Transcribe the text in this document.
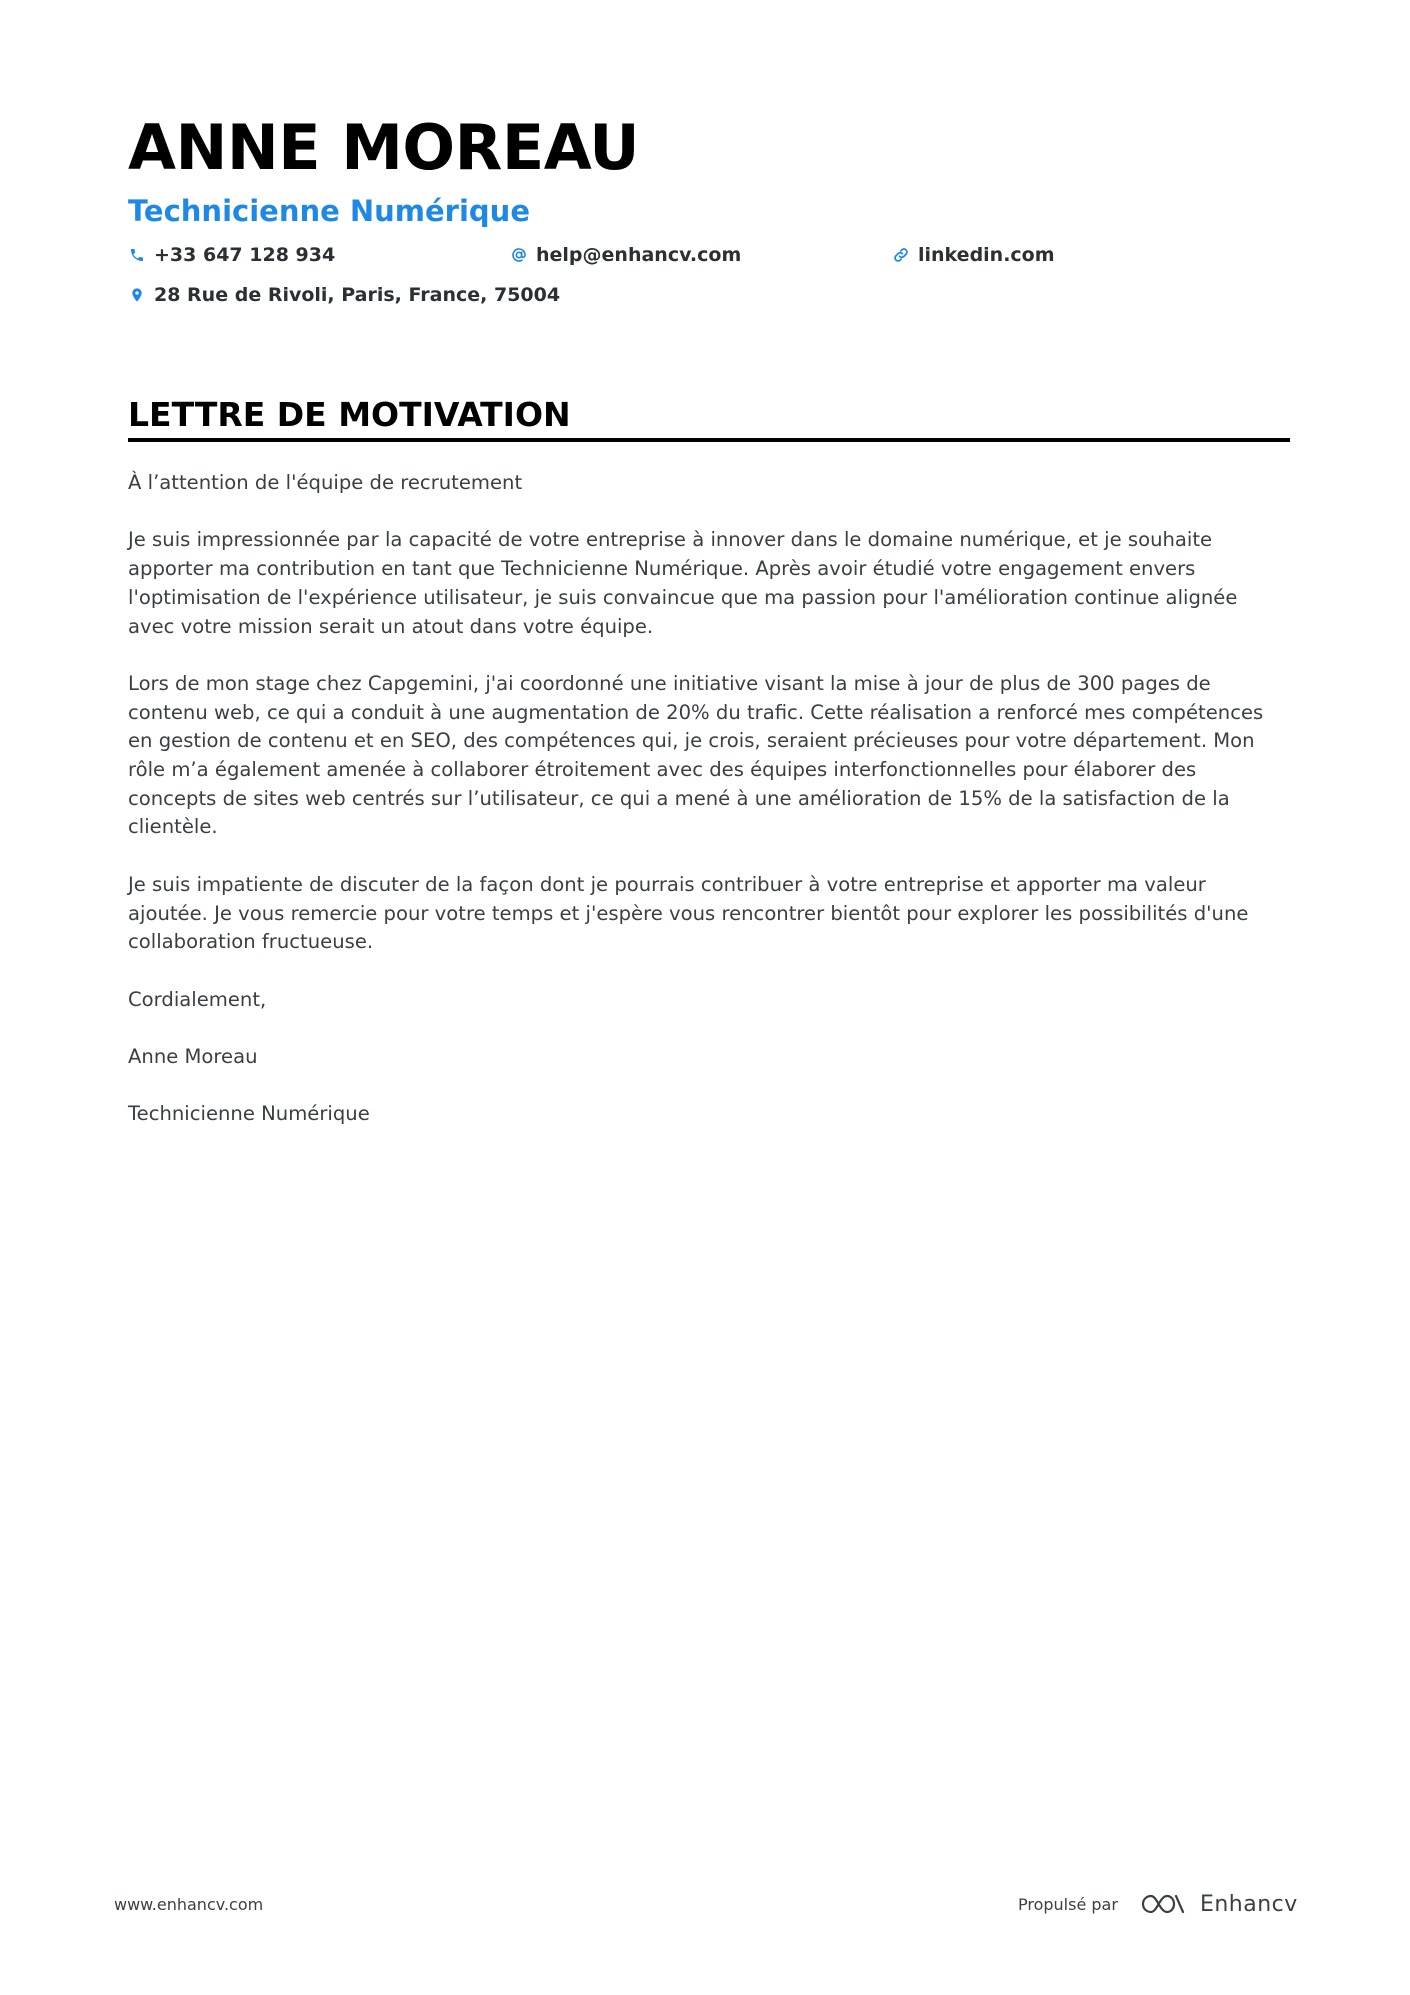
ANNE MOREAU
Technicienne Numérique
+33 647 128 934	help@enhancv.com	linkedin.com
28 Rue de Rivoli, Paris, France, 75004
LETTRE DE MOTIVATION

À l’attention de l'équipe de recrutement

Je suis impressionnée par la capacité de votre entreprise à innover dans le domaine numérique, et je souhaite apporter ma contribution en tant que Technicienne Numérique. Après avoir étudié votre engagement envers l'optimisation de l'expérience utilisateur, je suis convaincue que ma passion pour l'amélioration continue alignée avec votre mission serait un atout dans votre équipe.

Lors de mon stage chez Capgemini, j'ai coordonné une initiative visant la mise à jour de plus de 300 pages de contenu web, ce qui a conduit à une augmentation de 20% du trafic. Cette réalisation a renforcé mes compétences en gestion de contenu et en SEO, des compétences qui, je crois, seraient précieuses pour votre département. Mon rôle m’a également amenée à collaborer étroitement avec des équipes interfonctionnelles pour élaborer des concepts de sites web centrés sur l’utilisateur, ce qui a mené à une amélioration de 15% de la satisfaction de la clientèle.

Je suis impatiente de discuter de la façon dont je pourrais contribuer à votre entreprise et apporter ma valeur ajoutée. Je vous remercie pour votre temps et j'espère vous rencontrer bientôt pour explorer les possibilités d'une collaboration fructueuse.

Cordialement,

Anne Moreau

Technicienne Numérique

www.enhancv.com	Propulsé par	Enhancv
